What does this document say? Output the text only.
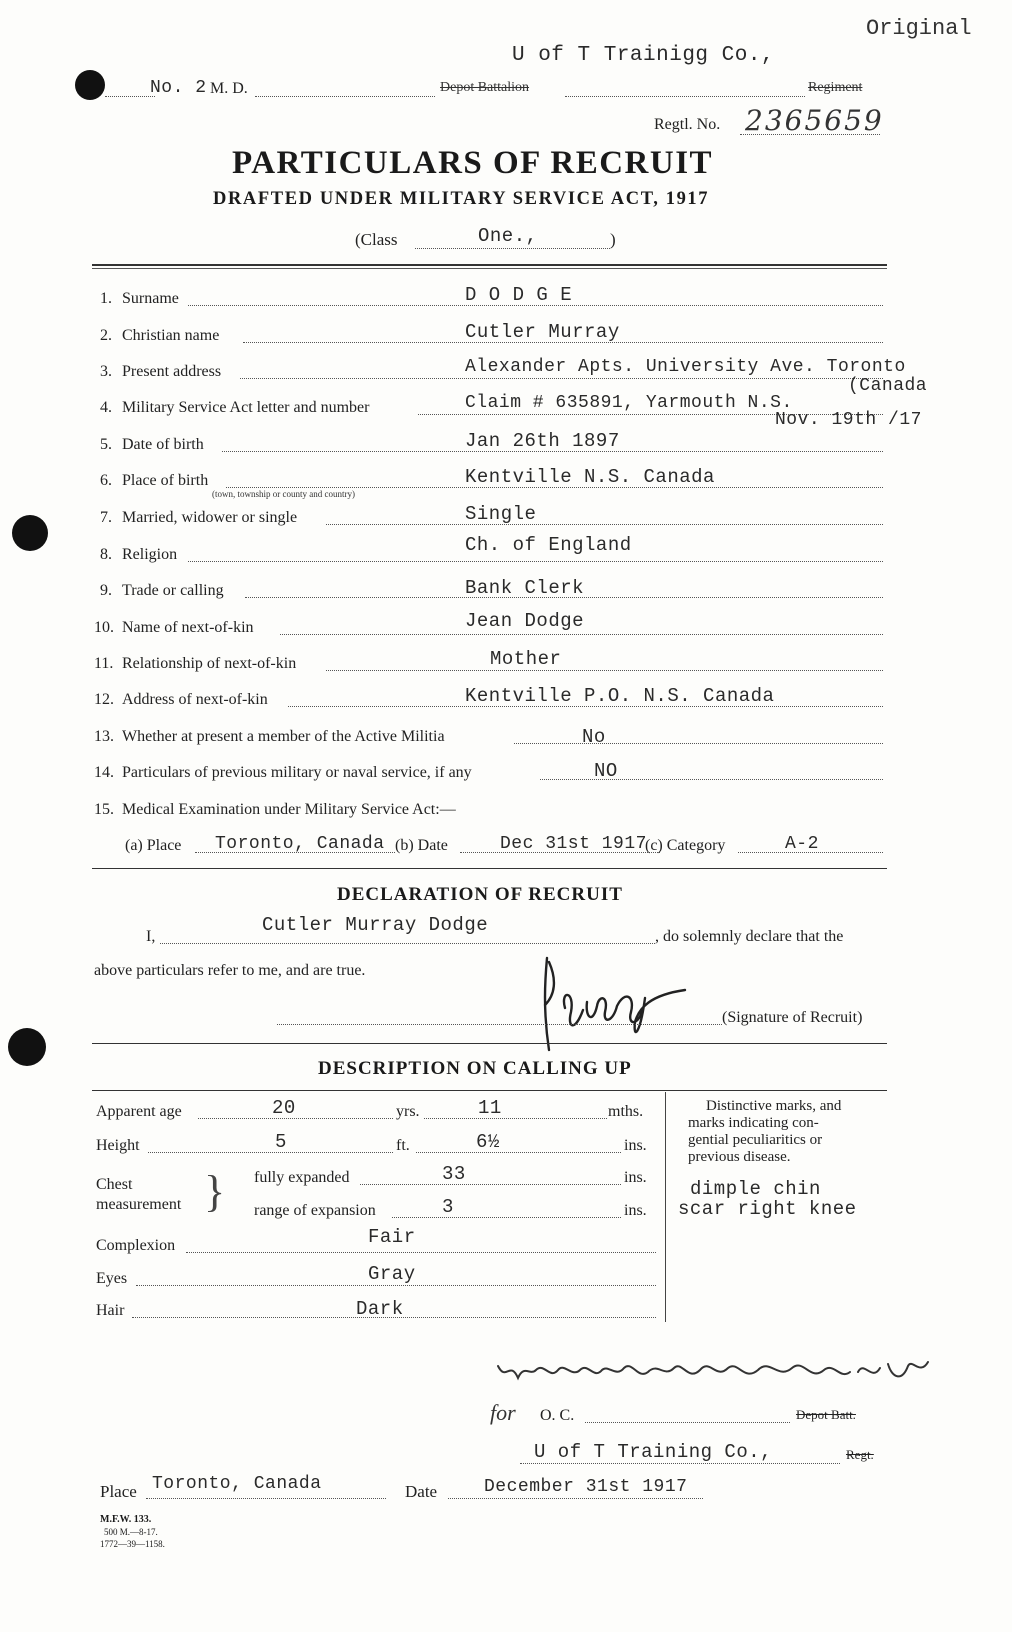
Original
U of T Trainigg Co.,
No. 2 M. D.	Depot Battalion	Regiment
Regtl. No. 2365659
PARTICULARS OF RECRUIT
DRAFTED UNDER MILITARY SERVICE ACT, 1917
(Class	One.,	)
1. Surname	D O D G E
2. Christian name	Cutler Murray
3. Present address	Alexander Apts. University Ave. Toronto
(Canada
4. Military Service Act letter and number	Claim # 635891, Yarmouth N.S.
Nov. 19th /17
5. Date of birth	Jan 26th 1897
6. Place of birth	Kentville N.S. Canada
(town, township or county and country)
7. Married, widower or single	Single
8. Religion	Ch. of England
9. Trade or calling	Bank Clerk
10. Name of next-of-kin	Jean Dodge
11. Relationship of next-of-kin	Mother
12. Address of next-of-kin	Kentville P.O. N.S. Canada
13. Whether at present a member of the Active Militia	No
14. Particulars of previous military or naval service, if any	NO
15. Medical Examination under Military Service Act:—
(a) Place Toronto, Canada (b) Date	Dec 31st 1917
(c) Category	A-2
DECLARATION OF RECRUIT
I,
Cutler Murray Dodge
, do solemnly declare that the
above particulars refer to me, and are true.
(Signature of Recruit)
DESCRIPTION ON CALLING UP
Apparent age	20	yrs.	11	mths.
Height	5	ft.	6½	ins.
Chest
measurement } fully expanded	33	ins.
range of expansion	3	ins.
Complexion	Fair
Eyes	Gray
Hair	Dark
Distinctive marks, and
marks indicating con-
gential peculiaritics or
previous disease.
dimple chin
scar right knee
for O. C.	Depot Batt.
U of T Training Co.,	Regt.
Place Toronto, Canada	Date	December 31st 1917
M.F.W. 133.
500 M.—8-17.
1772—39—1158.
